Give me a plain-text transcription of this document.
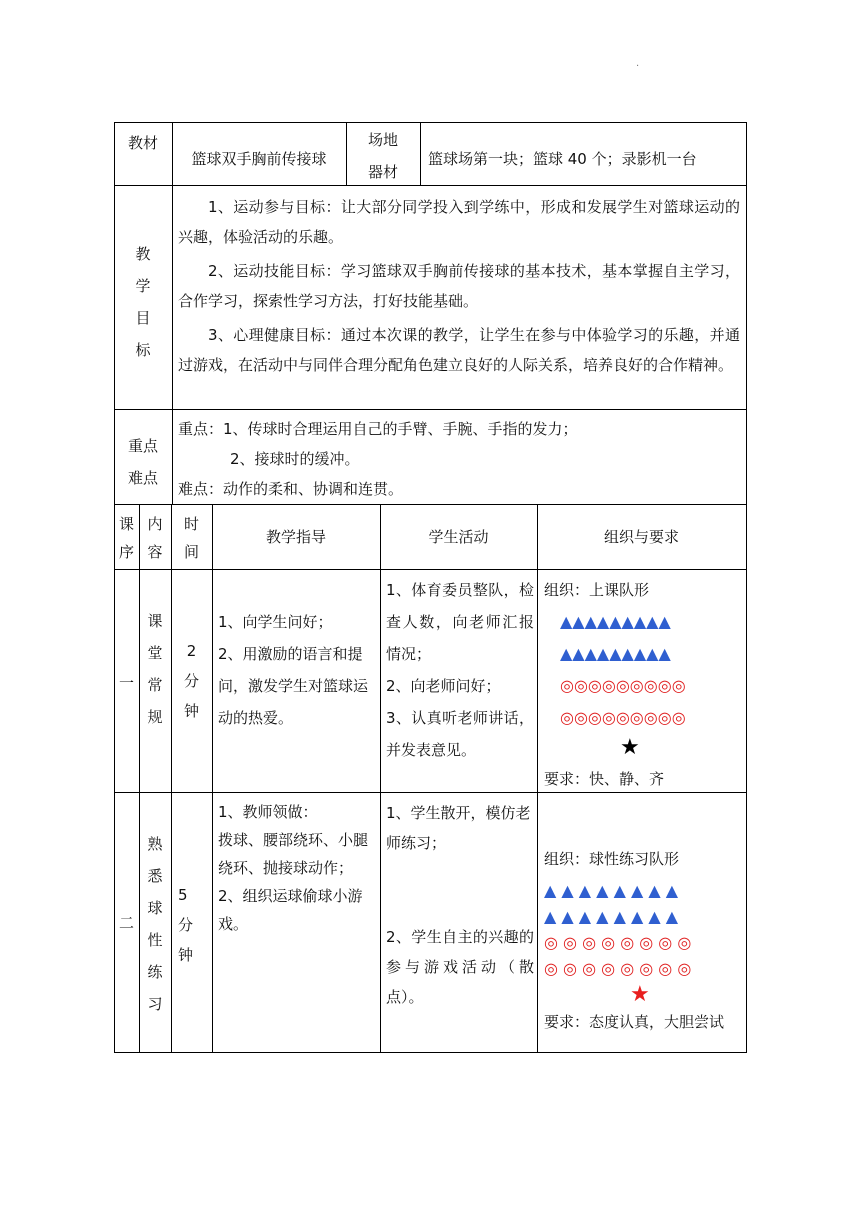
.
教材
篮球双手胸前传接球
场地
器材
篮球场第一块；篮球 40 个；录影机一台
教
学
目
标
1、运动参与目标：让大部分同学投入到学练中，形成和发展学生对篮球运动的兴趣，体验活动的乐趣。
2、运动技能目标：学习篮球双手胸前传接球的基本技术，基本掌握自主学习，合作学习，探索性学习方法，打好技能基础。
3、心理健康目标：通过本次课的教学，让学生在参与中体验学习的乐趣，并通过游戏，在活动中与同伴合理分配角色建立良好的人际关系，培养良好的合作精神。
重点
难点
重点：1、传球时合理运用自己的手臂、手腕、手指的发力；
2、接球时的缓冲。
难点：动作的柔和、协调和连贯。
课
序
内
容
时
间
教学指导	学生活动	组织与要求
一
课
堂
常
规
2
分
钟
1、向学生问好；
2、用激励的语言和提问，激发学生对篮球运动的热爱。
1、体育委员整队，检查人数，向老师汇报情况；
2、向老师问好；
3、认真听老师讲话，并发表意见。
组织：上课队形
▲▲▲▲▲▲▲▲▲
▲▲▲▲▲▲▲▲▲
◎◎◎◎◎◎◎◎◎
◎◎◎◎◎◎◎◎◎
★
要求：快、静、齐
二
熟
悉
球
性
练
习
5
分
钟
1、教师领做：
拨球、腰部绕环、小腿绕环、抛接球动作；
2、组织运球偷球小游戏。
1、学生散开，模仿老师练习；
2、学生自主的兴趣的参与游戏活动（散点）。
组织：球性练习队形
▲ ▲ ▲ ▲ ▲ ▲ ▲ ▲
▲ ▲ ▲ ▲ ▲ ▲ ▲ ▲
◎ ◎ ◎ ◎ ◎ ◎ ◎ ◎
◎ ◎ ◎ ◎ ◎ ◎ ◎ ◎
★
要求：态度认真，大胆尝试
